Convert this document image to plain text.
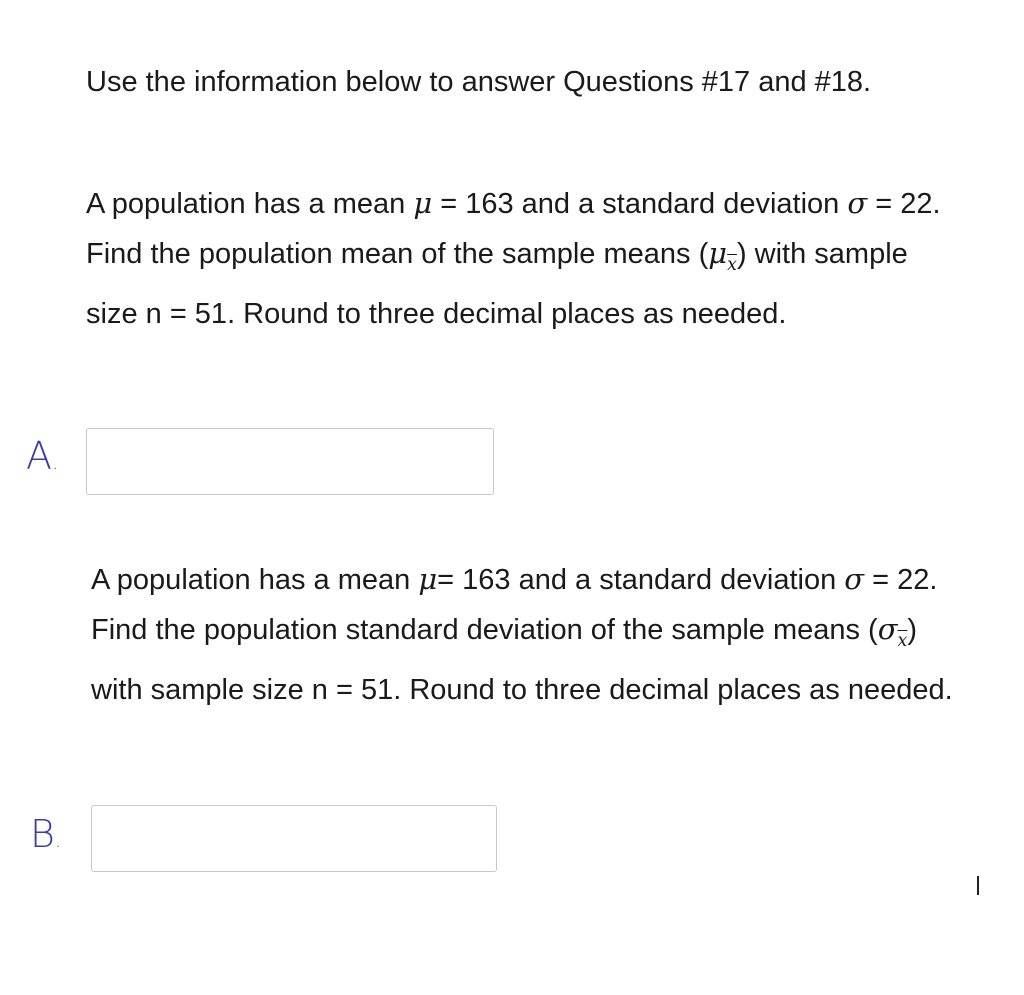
Use the information below to answer Questions #17 and #18.

A population has a mean μ = 163 and a standard deviation σ = 22. Find the population mean of the sample means $(\mu_{\overline{x}})$ with sample size n = 51. Round to three decimal places as needed.

A.

A population has a mean μ= 163 and a standard deviation σ = 22. Find the population standard deviation of the sample means $(\sigma_{\overline{x}})$ with sample size n = 51. Round to three decimal places as needed.

B.
